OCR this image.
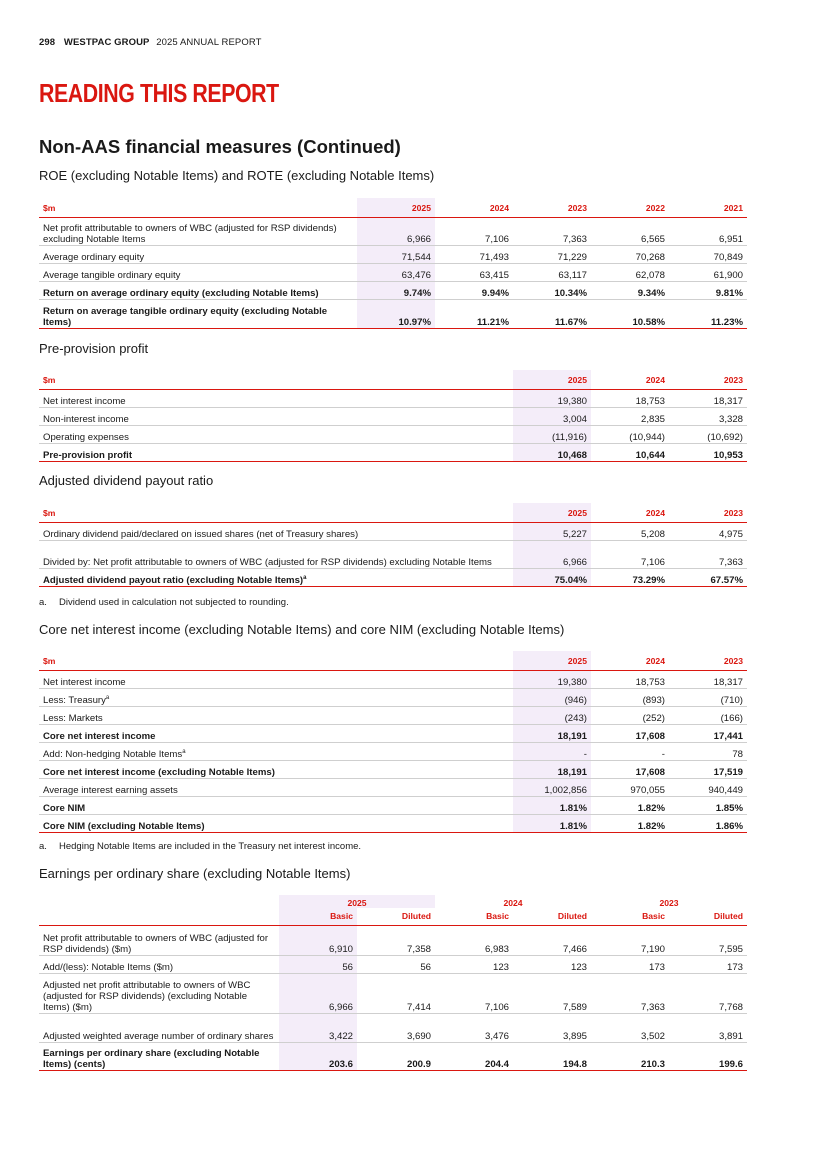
298 WESTPAC GROUP 2025 ANNUAL REPORT
READING THIS REPORT
Non-AAS financial measures (Continued)
ROE (excluding Notable Items) and ROTE (excluding Notable Items)
$m	2025	2024	2023	2022	2021
Net profit attributable to owners of WBC (adjusted for RSP dividends) excluding Notable Items	6,966	7,106	7,363	6,565	6,951
Average ordinary equity	71,544	71,493	71,229	70,268	70,849
Average tangible ordinary equity	63,476	63,415	63,117	62,078	61,900
Return on average ordinary equity (excluding Notable Items)	9.74%	9.94%	10.34%	9.34%	9.81%
Return on average tangible ordinary equity (excluding Notable Items)	10.97%	11.21%	11.67%	10.58%	11.23%
Pre-provision profit
$m	2025	2024	2023
Net interest income	19,380	18,753	18,317
Non-interest income	3,004	2,835	3,328
Operating expenses	(11,916)	(10,944)	(10,692)
Pre-provision profit	10,468	10,644	10,953
Adjusted dividend payout ratio
$m	2025	2024	2023
Ordinary dividend paid/declared on issued shares (net of Treasury shares)	5,227	5,208	4,975
Divided by: Net profit attributable to owners of WBC (adjusted for RSP dividends) excluding Notable Items	6,966	7,106	7,363
Adjusted dividend payout ratio (excluding Notable Items)$^a$	75.04%	73.29%	67.57%

a. Dividend used in calculation not subjected to rounding.

Core net interest income (excluding Notable Items) and core NIM (excluding Notable Items)
$m	2025	2024	2023
Net interest income	19,380	18,753	18,317
Less: Treasury$^a$	(946)	(893)	(710)
Less: Markets	(243)	(252)	(166)
Core net interest income	18,191	17,608	17,441
Add: Non-hedging Notable Items$^a$	-	-	78
Core net interest income (excluding Notable Items)	18,191	17,608	17,519
Average interest earning assets	1,002,856	970,055	940,449
Core NIM	1.81%	1.82%	1.85%
Core NIM (excluding Notable Items)	1.81%	1.82%	1.86%

a. Hedging Notable Items are included in the Treasury net interest income.

Earnings per ordinary share (excluding Notable Items)
	2025		2024		2023	
	Basic	Diluted	Basic	Diluted	Basic	Diluted
Net profit attributable to owners of WBC (adjusted for RSP dividends) ($m)	6,910	7,358	6,983	7,466	7,190	7,595
Add/(less): Notable Items ($m)	56	56	123	123	173	173
Adjusted net profit attributable to owners of WBC (adjusted for RSP dividends) (excluding Notable Items) ($m)	6,966	7,414	7,106	7,589	7,363	7,768
Adjusted weighted average number of ordinary shares	3,422	3,690	3,476	3,895	3,502	3,891
Earnings per ordinary share (excluding Notable Items) (cents)	203.6	200.9	204.4	194.8	210.3	199.6
